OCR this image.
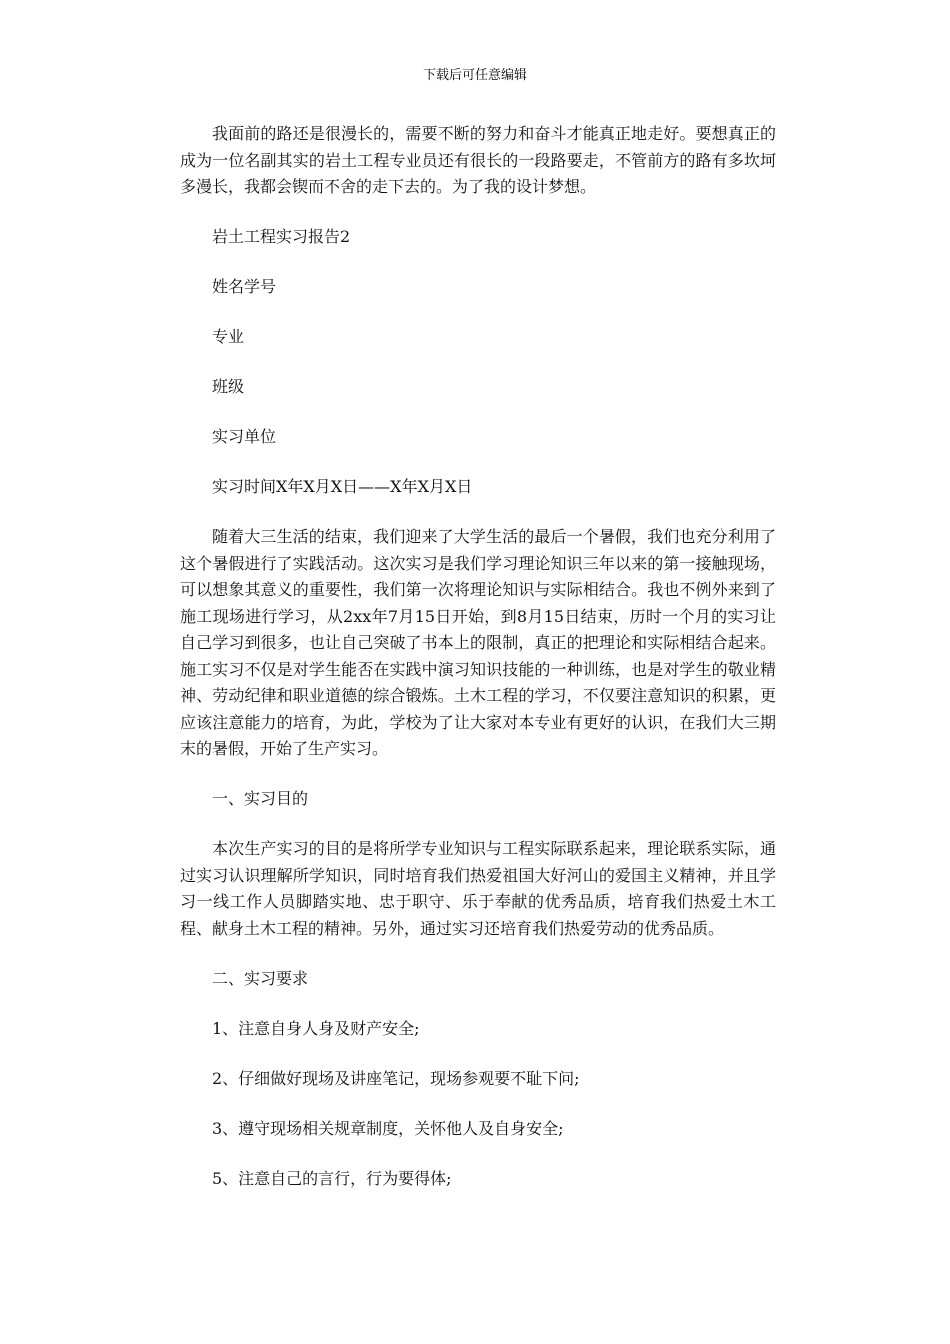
下载后可任意编辑

我面前的路还是很漫长的，需要不断的努力和奋斗才能真正地走好。要想真正的成为一位名副其实的岩土工程专业员还有很长的一段路要走，不管前方的路有多坎坷多漫长，我都会锲而不舍的走下去的。为了我的设计梦想。

岩土工程实习报告2

姓名学号

专业

班级

实习单位

实习时间X年X月X日——X年X月X日

随着大三生活的结束，我们迎来了大学生活的最后一个暑假，我们也充分利用了这个暑假进行了实践活动。这次实习是我们学习理论知识三年以来的第一接触现场，可以想象其意义的重要性，我们第一次将理论知识与实际相结合。我也不例外来到了施工现场进行学习，从2xx年7月15日开始，到8月15日结束，历时一个月的实习让自己学习到很多，也让自己突破了书本上的限制，真正的把理论和实际相结合起来。施工实习不仅是对学生能否在实践中演习知识技能的一种训练，也是对学生的敬业精神、劳动纪律和职业道德的综合锻炼。土木工程的学习，不仅要注意知识的积累，更应该注意能力的培育，为此，学校为了让大家对本专业有更好的认识，在我们大三期末的暑假，开始了生产实习。

一、实习目的

本次生产实习的目的是将所学专业知识与工程实际联系起来，理论联系实际，通过实习认识理解所学知识，同时培育我们热爱祖国大好河山的爱国主义精神，并且学习一线工作人员脚踏实地、忠于职守、乐于奉献的优秀品质，培育我们热爱土木工程、献身土木工程的精神。另外，通过实习还培育我们热爱劳动的优秀品质。

二、实习要求

1、注意自身人身及财产安全;

2、仔细做好现场及讲座笔记，现场参观要不耻下问;

3、遵守现场相关规章制度，关怀他人及自身安全;

5、注意自己的言行，行为要得体;
